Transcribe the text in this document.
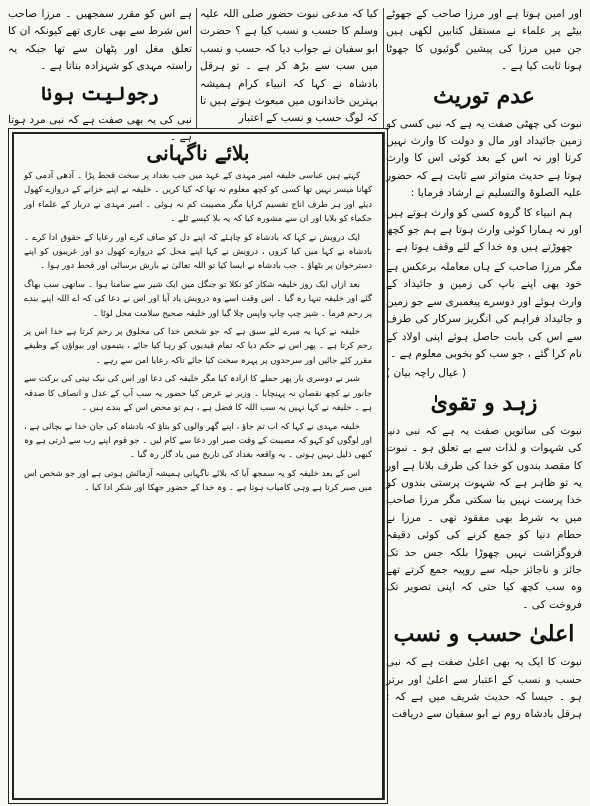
ہے اس کو مقرر سمجھیں ۔ مرزا صاحب اس شرط سے بھی عاری تھے کیونکہ ان کا تعلق مغل اور پٹھان سے تھا جبکہ یہ راستہ مہدی کو شہزادہ بناتا ہے ۔

رجولیت ہونا

نبی کی یہ بھی صفت ہے کہ نبی مرد ہوتا ہے ۔

کیا کہ مدعی نبوت حضور صلی اللہ علیہ وسلم کا حسب و نسب کیا ہے ؟ حضرت ابو سفیان نے جواب دیا کہ حسب و نسب میں سب سے بڑھ کر ہے ۔ تو ہرقل بادشاہ نے کہا کہ انبیاء کرام ہمیشہ بہترین خاندانوں میں مبعوث ہوتے ہیں تا کہ لوگ حسب و نسب کے اعتبار

اور امین ہوتا ہے اور مرزا صاحب کے جھوٹے بیٹے پر علماء نے مستقل کتابیں لکھی ہیں جن میں مرزا کی پیشین گوئیوں کا جھوٹا ہونا ثابت کیا ہے ۔

عدم توریث

نبوت کی چھٹی صفت یہ ہے کہ نبی کسی کو زمین جائیداد اور مال و دولت کا وارث نہیں کرتا اور نہ اس کے بعد کوئی اس کا وارث ہوتا ہے حدیث متواتر سے ثابت ہے کہ حضور علیہ الصلوۃ والتسلیم نے ارشاد فرمایا :

ہم انبیاء کا گروہ کسی کو وارث ہوتے ہیں اور نہ ہمارا کوئی وارث ہوتا ہے ہم جو کچھ چھوڑتے ہیں وہ خدا کے لئے وقف ہوتا ہے ۔

مگر مرزا صاحب کے ہاں معاملہ برعکس ہے خود بھی اپنے باپ کی زمین و جائیداد کے وارث ہوئے اور دوسرے پیغمبری سے جو زمین و جائیداد فراہم کی انگریز سرکار کی طرف سے اس کی بابت حاصل ہوئے اپنی اولاد کے نام کرا گئے ، جو سب کو بخوبی معلوم ہے ۔

( عیال راچہ بیان )

زہد و تقویٰ

نبوت کی ساتویں صفت یہ ہے کہ نبی دنیا کی شہوات و لذات سے بے تعلق ہو ۔ نبوت کا مقصد بندوں کو خدا کی طرف بلانا ہے اور یہ تو ظاہر ہے کہ شہوت پرستی بندوں کو خدا پرست نہیں بنا سکتی مگر مرزا صاحب میں یہ شرط بھی مفقود تھی ۔ مرزا نے حطام دنیا کو جمع کرنے کی کوئی دقیقہ فروگزاشت نہیں چھوڑا بلکہ جس حد تک جائز و ناجائز حیلہ سے روپیہ جمع کرتے تھے وہ سب کچھ کیا حتی کہ اپنی تصویر تک فروخت کی ۔

اعلیٰ حسب و نسب

نبوت کا ایک یہ بھی اعلیٰ صفت ہے کہ نبی حسب و نسب کے اعتبار سے اعلیٰ اور برتر ہو ۔ جیسا کہ حدیث شریف میں ہے کہ : ہرقل بادشاہ روم نے ابو سفیان سے دریافت

بلائے ناگہانی

کہتے ہیں عباسی خلیفہ امیر مہدی کے عہد میں جب بغداد پر سخت قحط پڑا ۔ آدھی آدمی کو کھانا میسر نہیں تھا کسی کو کچھ معلوم نہ تھا کہ کیا کریں ۔ خلیفہ نے اپنے خزانے کے دروازے کھول دیئے اور ہر طرف اناج تقسیم کرایا مگر مصیبت کم نہ ہوئی ۔ امیر مہدی نے دربار کے علماء اور حکماء کو بلایا اور ان سے مشورہ کیا کہ یہ بلا کیسے ٹلے ۔

ایک درویش نے کہا کہ بادشاہ کو چاہئے کہ اپنے دل کو صاف کرے اور رعایا کے حقوق ادا کرے ۔ بادشاہ نے کہا میں کیا کروں ، درویش نے کہا اپنے محل کے دروازے کھول دو اور غریبوں کو اپنے دسترخوان پر بٹھاؤ ۔ جب بادشاہ نے ایسا کیا تو اللہ تعالیٰ نے بارش برسائی اور قحط دور ہوا ۔

بعد ازاں ایک روز خلیفہ شکار کو نکلا تو جنگل میں ایک شیر سے سامنا ہوا ۔ ساتھی سب بھاگ گئے اور خلیفہ تنہا رہ گیا ۔ اس وقت اسے وہ درویش یاد آیا اور اس نے دعا کی کہ اے اللہ اپنے بندے پر رحم فرما ۔ شیر چپ چاپ واپس چلا گیا اور خلیفہ صحیح سلامت محل لوٹا ۔

خلیفہ نے کہا یہ میرے لئے سبق ہے کہ جو شخص خدا کی مخلوق پر رحم کرتا ہے خدا اس پر رحم کرتا ہے ۔ پھر اس نے حکم دیا کہ تمام قیدیوں کو رہا کیا جائے ، یتیموں اور بیواؤں کے وظیفے مقرر کئے جائیں اور سرحدوں پر پہرہ سخت کیا جائے تاکہ رعایا امن سے رہے ۔

شیر نے دوسری بار پھر حملے کا ارادہ کیا مگر خلیفہ کی دعا اور اس کی نیک نیتی کی برکت سے جانور نے کچھ نقصان نہ پہنچایا ۔ وزیر نے عرض کیا حضور یہ سب آپ کے عدل و انصاف کا صدقہ ہے ۔ خلیفہ نے کہا نہیں یہ سب اللہ کا فضل ہے ، ہم تو محض اس کے بندے ہیں ۔

خلیفہ مہدی نے کہا کہ اب تم جاؤ ، اپنے گھر والوں کو بتاؤ کہ بادشاہ کی جان خدا نے بچائی ہے ، اور لوگوں کو کہو کہ مصیبت کے وقت صبر اور دعا سے کام لیں ۔ جو قوم اپنے رب سے ڈرتی ہے وہ کبھی ذلیل نہیں ہوتی ۔ یہ واقعہ بغداد کی تاریخ میں یاد گار رہ گیا ۔

اس کے بعد خلیفہ کو یہ سمجھ آیا کہ بلائے ناگہانی ہمیشہ آزمائش ہوتی ہے اور جو شخص اس میں صبر کرتا ہے وہی کامیاب ہوتا ہے ۔ وہ خدا کے حضور جھکا اور شکر ادا کیا ۔
